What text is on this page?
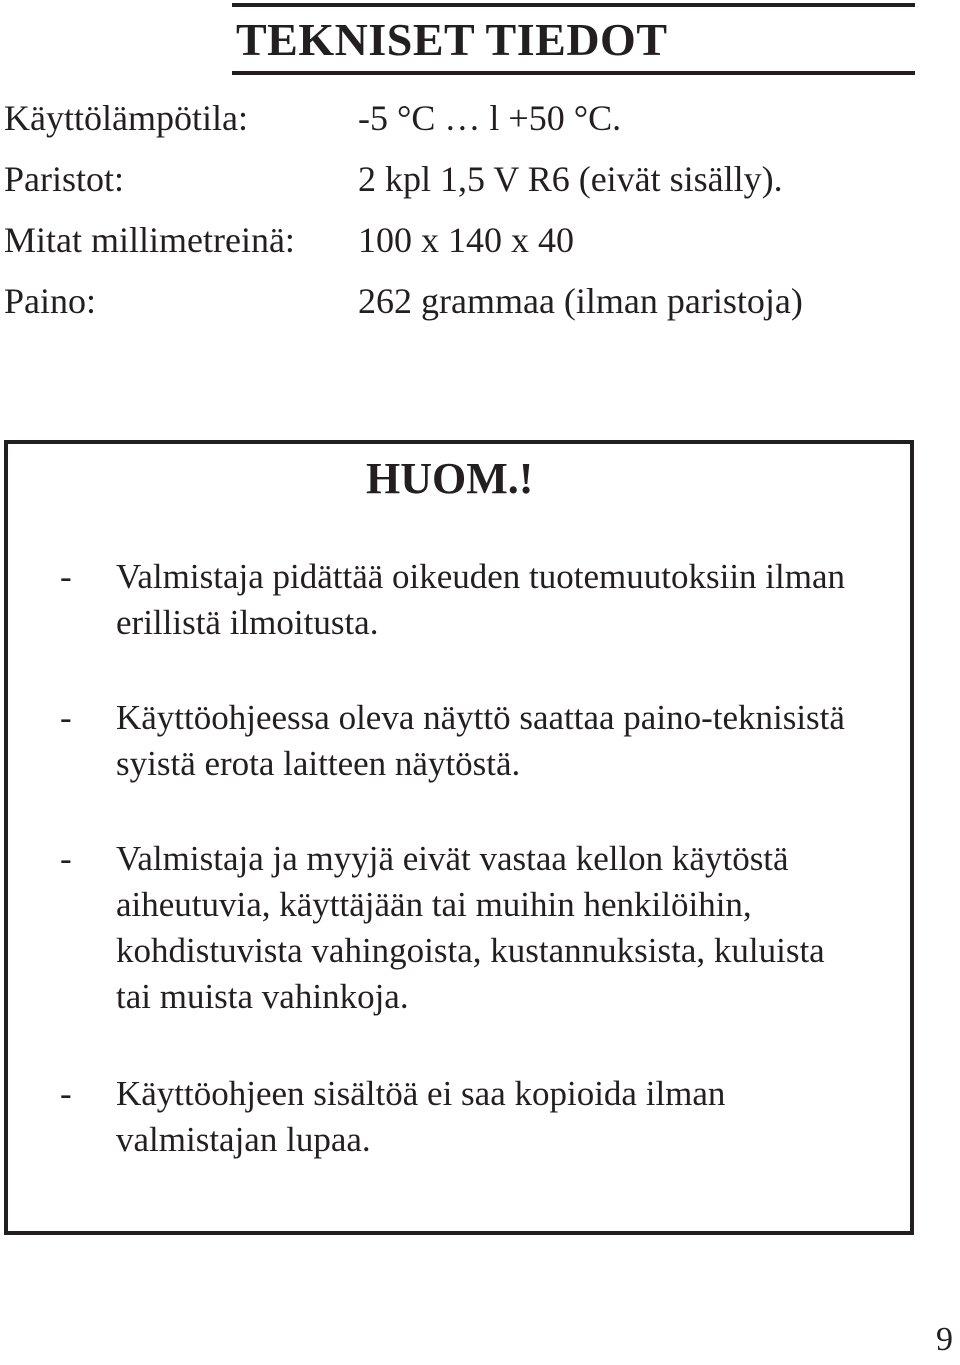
TEKNISET TIEDOT
Käyttölämpötila:	-5 °C … l +50 °C.
Paristot:	2 kpl 1,5 V R6 (eivät sisälly).
Mitat millimetreinä: 100 x 140 x 40
Paino:	262 grammaa (ilman paristoja)
HUOM.!
- Valmistaja pidättää oikeuden tuotemuutoksiin ilman erillistä ilmoitusta.
- Käyttöohjeessa oleva näyttö saattaa paino-teknisistä syistä erota laitteen näytöstä.
- Valmistaja ja myyjä eivät vastaa kellon käytöstä aiheutuvia, käyttäjään tai muihin henkilöihin, kohdistuvista vahingoista, kustannuksista, kuluista tai muista vahinkoja.
- Käyttöohjeen sisältöä ei saa kopioida ilman valmistajan lupaa.
9
